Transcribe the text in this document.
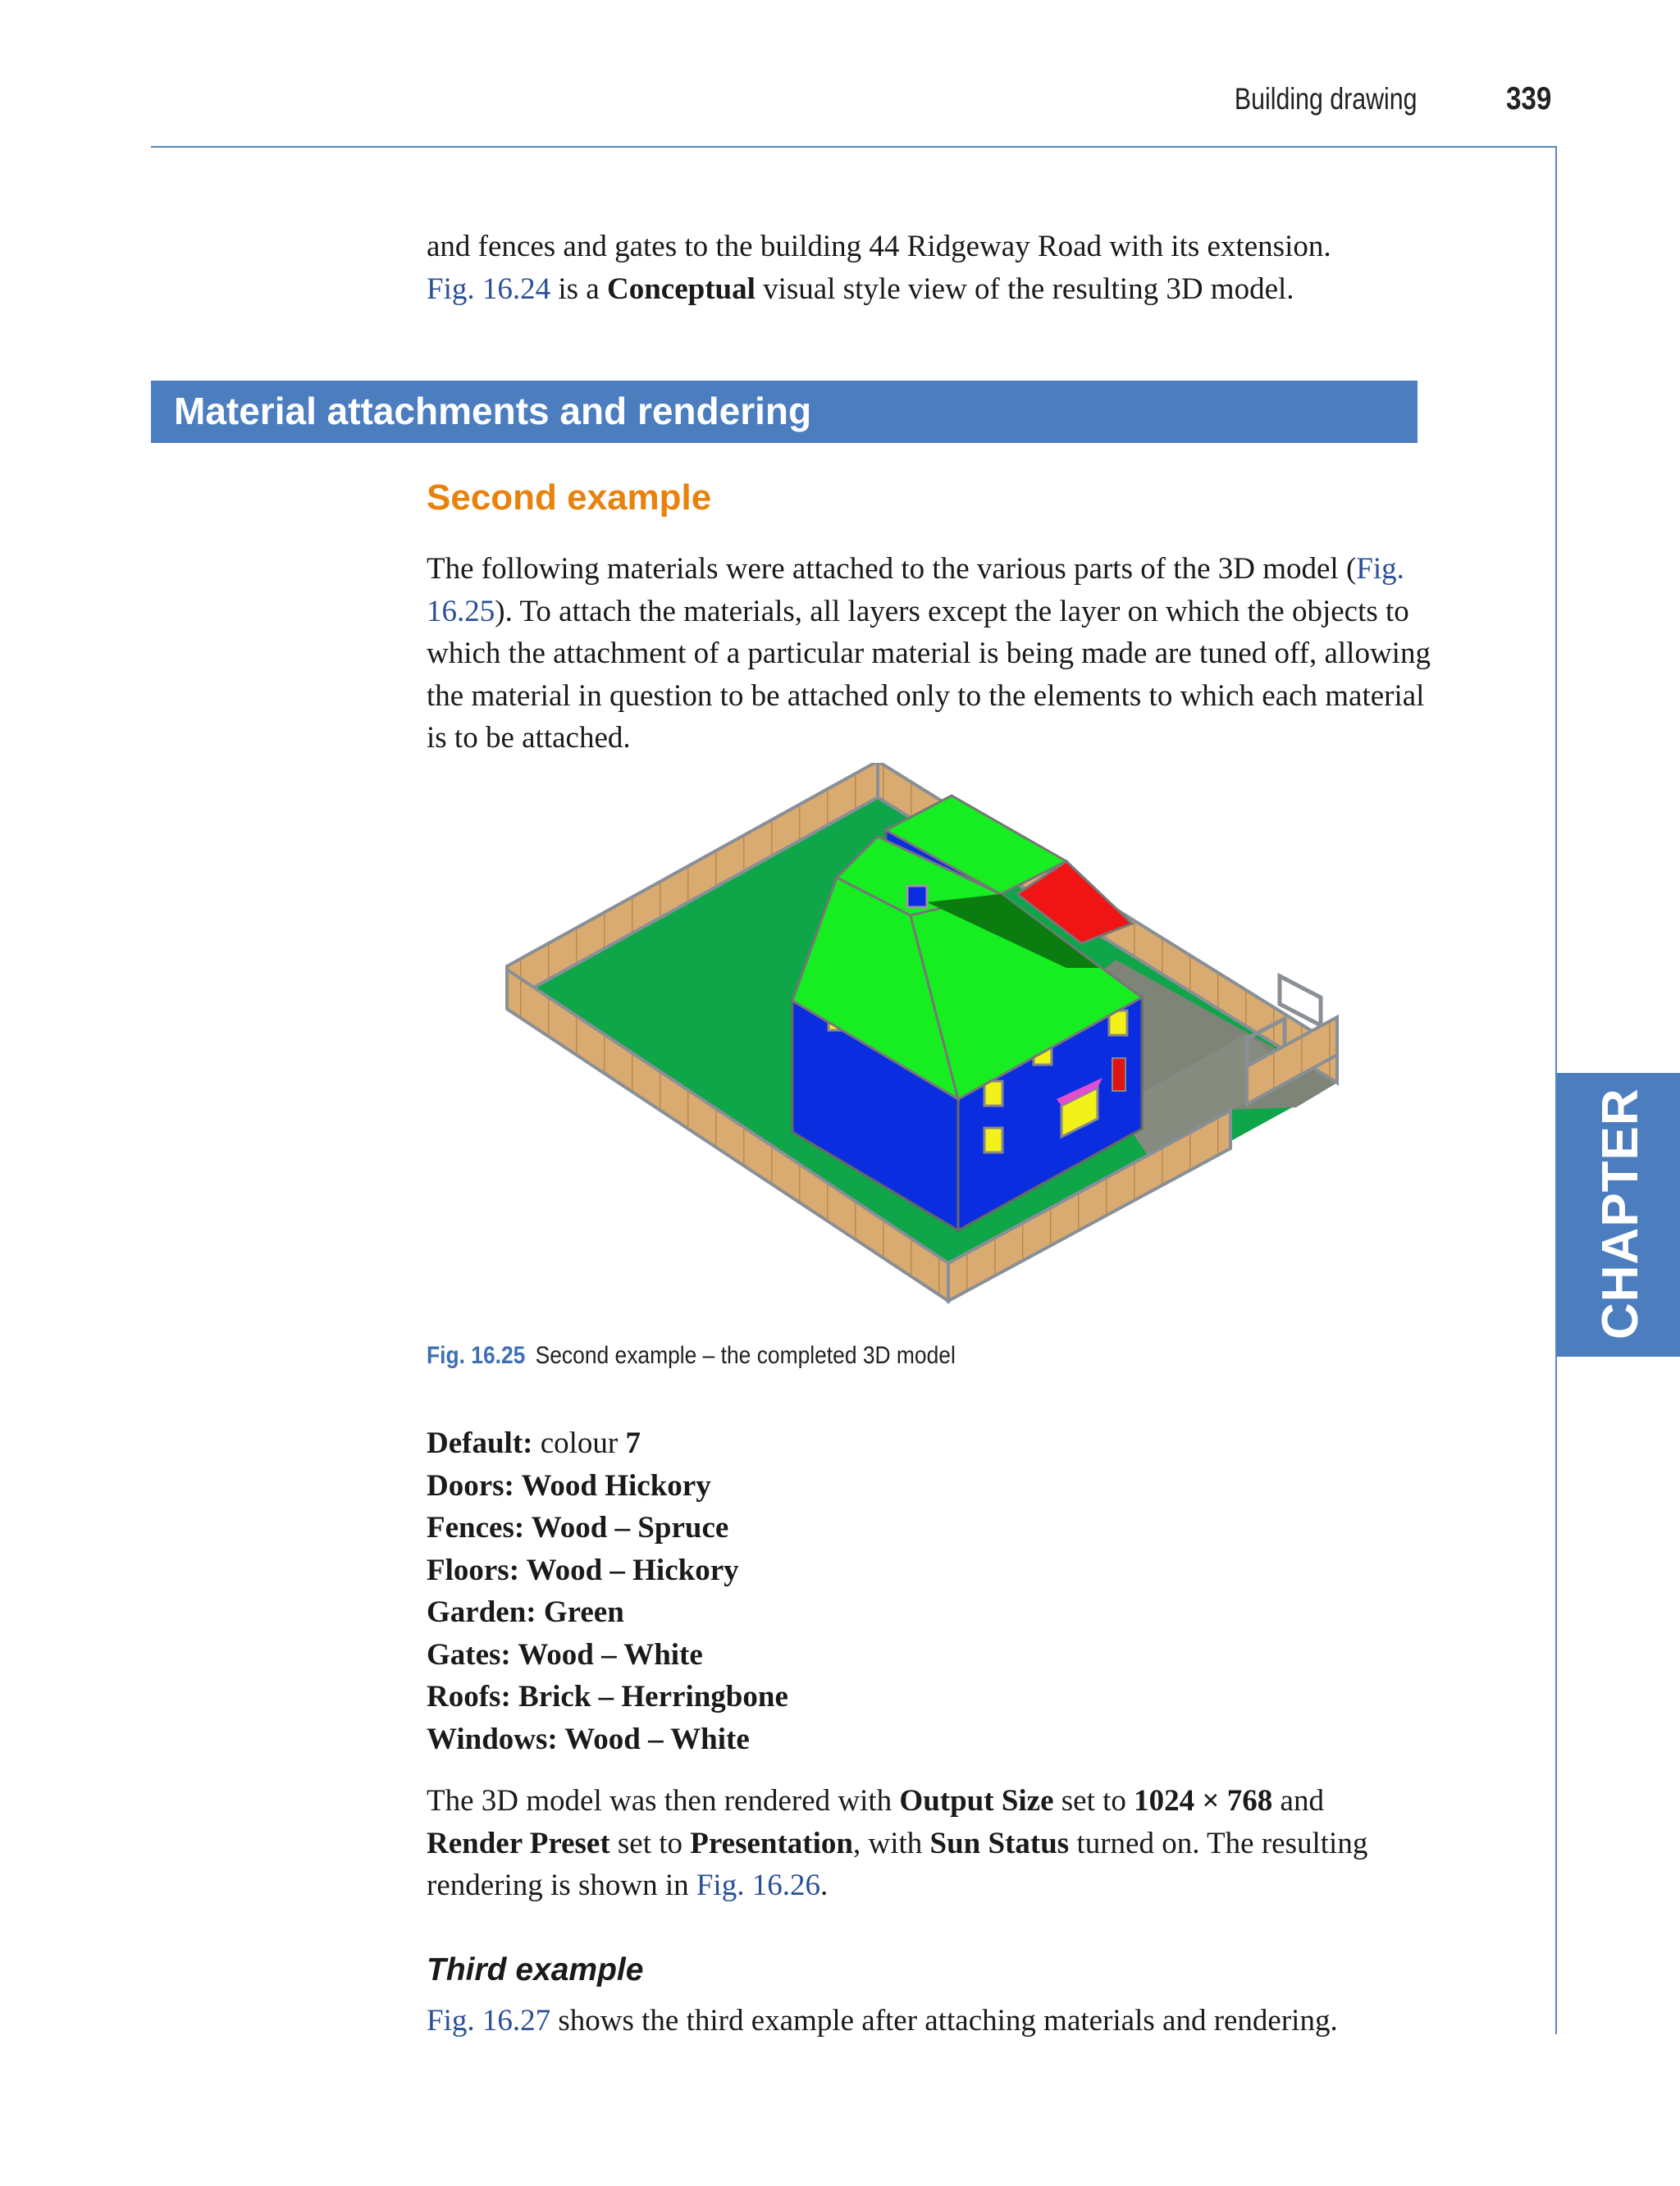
Building drawing	339
and fences and gates to the building 44 Ridgeway Road with its extension.
Fig. 16.24 is a Conceptual visual style view of the resulting 3D model.
Material attachments and rendering
Second example
The following materials were attached to the various parts of the 3D model (Fig. 16.25). To attach the materials, all layers except the layer on which the objects to which the attachment of a particular material is being made are tuned off, allowing the material in question to be attached only to the elements to which each material is to be attached.
Fig. 16.25 Second example – the completed 3D model
Default: colour 7
Doors: Wood Hickory
Fences: Wood – Spruce
Floors: Wood – Hickory
Garden: Green
Gates: Wood – White
Roofs: Brick – Herringbone
Windows: Wood – White
The 3D model was then rendered with Output Size set to 1024 × 768 and Render Preset set to Presentation, with Sun Status turned on. The resulting rendering is shown in Fig. 16.26.
Third example
Fig. 16.27 shows the third example after attaching materials and rendering.
CHAPTER 16
